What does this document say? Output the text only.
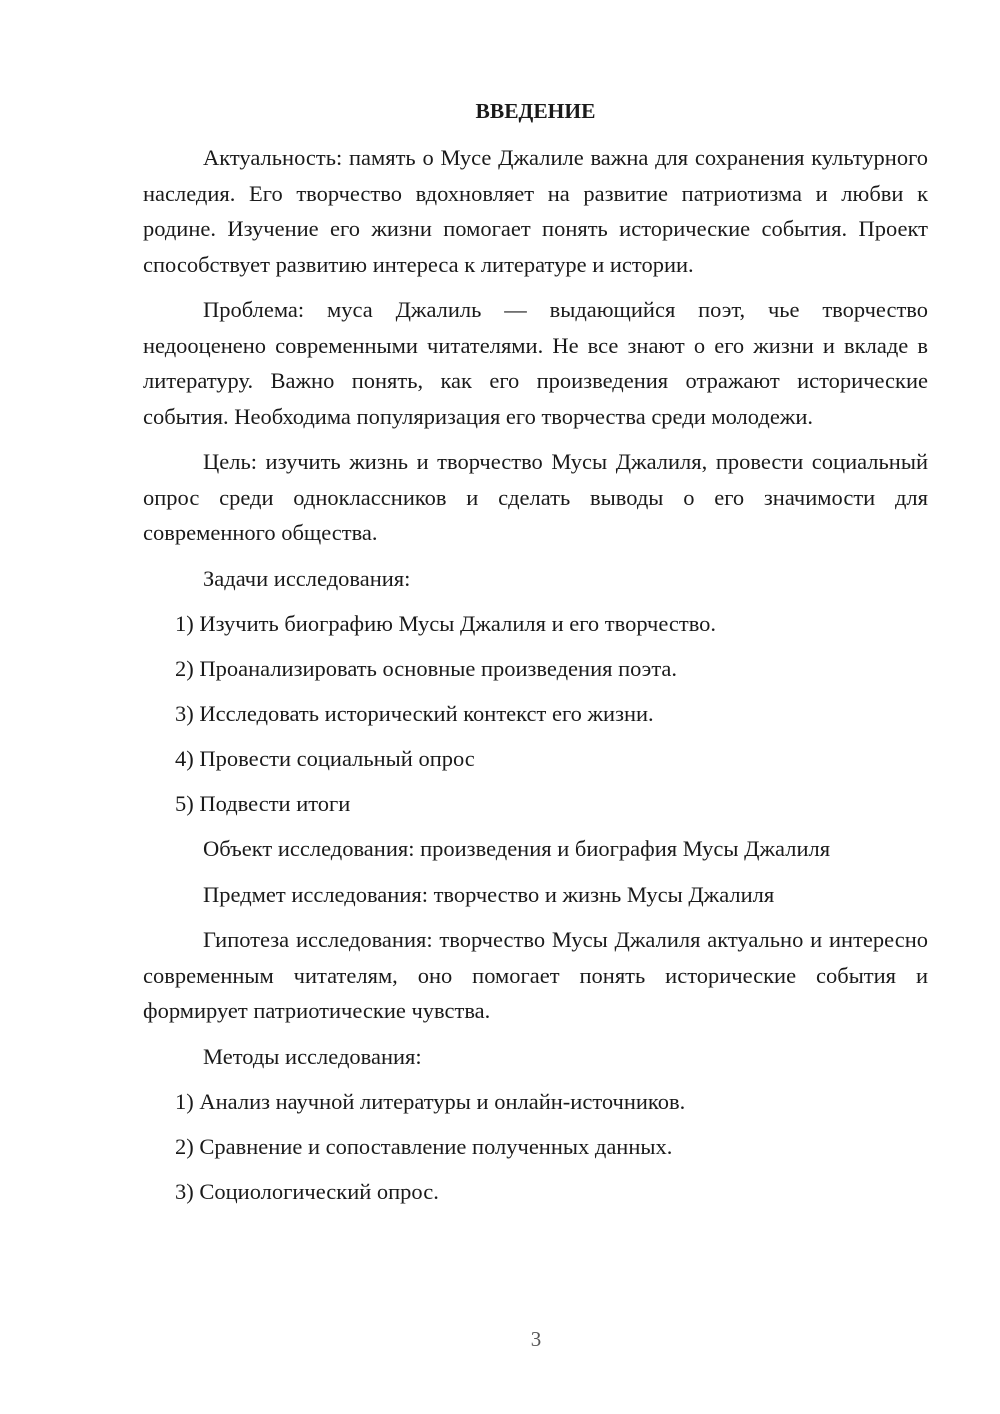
ВВЕДЕНИЕ
Актуальность: память о Мусе Джалиле важна для сохранения культурного наследия. Его творчество вдохновляет на развитие патриотизма и любви к родине. Изучение его жизни помогает понять исторические события. Проект способствует развитию интереса к литературе и истории.
Проблема: муса Джалиль — выдающийся поэт, чье творчество недооценено современными читателями. Не все знают о его жизни и вкладе в литературу. Важно понять, как его произведения отражают исторические события. Необходима популяризация его творчества среди молодежи.
Цель: изучить жизнь и творчество Мусы Джалиля, провести социальный опрос среди одноклассников и сделать выводы о его значимости для современного общества.
Задачи исследования:
1) Изучить биографию Мусы Джалиля и его творчество.
2) Проанализировать основные произведения поэта.
3) Исследовать исторический контекст его жизни.
4) Провести социальный опрос
5) Подвести итоги
Объект исследования: произведения и биография Мусы Джалиля
Предмет исследования: творчество и жизнь Мусы Джалиля
Гипотеза исследования: творчество Мусы Джалиля актуально и интересно современным читателям, оно помогает понять исторические события и формирует патриотические чувства.
Методы исследования:
1) Анализ научной литературы и онлайн-источников.
2) Сравнение и сопоставление полученных данных.
3) Социологический опрос.
3
